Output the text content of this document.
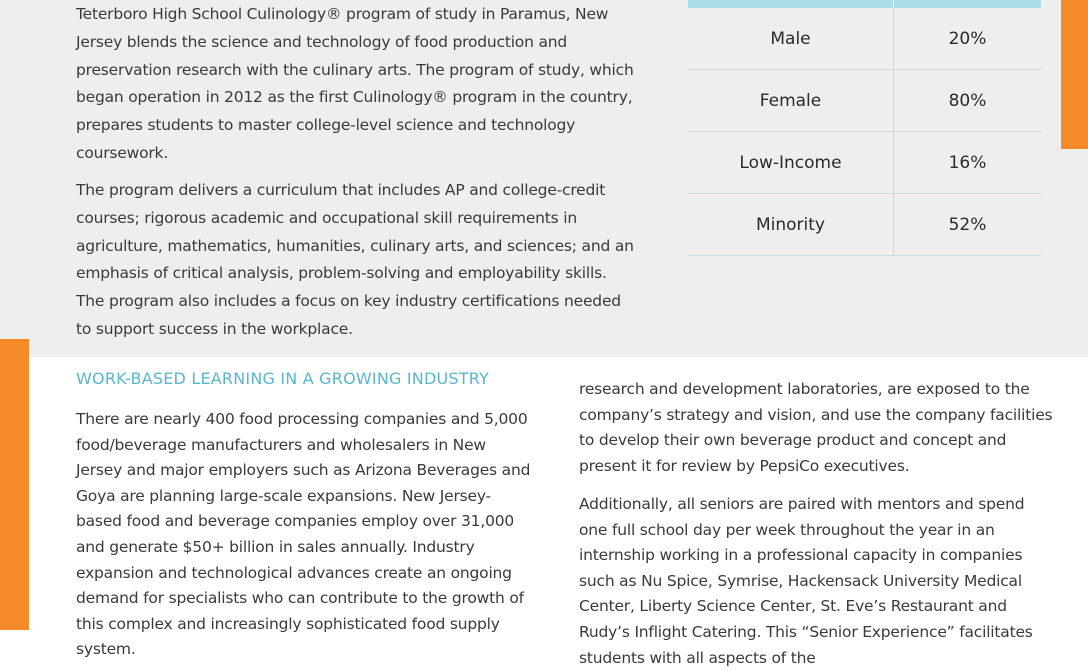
Teterboro High School Culinology® program of study in Paramus, New Jersey blends the science and technology of food production and preservation research with the culinary arts. The program of study, which began operation in 2012 as the first Culinology® program in the country, prepares students to master college-level science and technology coursework.

The program delivers a curriculum that includes AP and college-credit courses; rigorous academic and occupational skill requirements in agriculture, mathematics, humanities, culinary arts, and sciences; and an emphasis of critical analysis, problem-solving and employability skills. The program also includes a focus on key industry certifications needed to support success in the workplace.

Male	20%
Female	80%
Low-Income	16%
Minority	52%
WORK-BASED LEARNING IN A GROWING INDUSTRY

There are nearly 400 food processing companies and 5,000 food/beverage manufacturers and wholesalers in New Jersey and major employers such as Arizona Beverages and Goya are planning large-scale expansions. New Jersey-based food and beverage companies employ over 31,000 and generate $50+ billion in sales annually. Industry expansion and technological advances create an ongoing demand for specialists who can contribute to the growth of this complex and increasingly sophisticated food supply system.

research and development laboratories, are exposed to the company’s strategy and vision, and use the company facilities to develop their own beverage product and concept and present it for review by PepsiCo executives.

Additionally, all seniors are paired with mentors and spend one full school day per week throughout the year in an internship working in a professional capacity in companies such as Nu Spice, Symrise, Hackensack University Medical Center, Liberty Science Center, St. Eve’s Restaurant and Rudy’s Inflight Catering. This “Senior Experience” facilitates students with all aspects of the
